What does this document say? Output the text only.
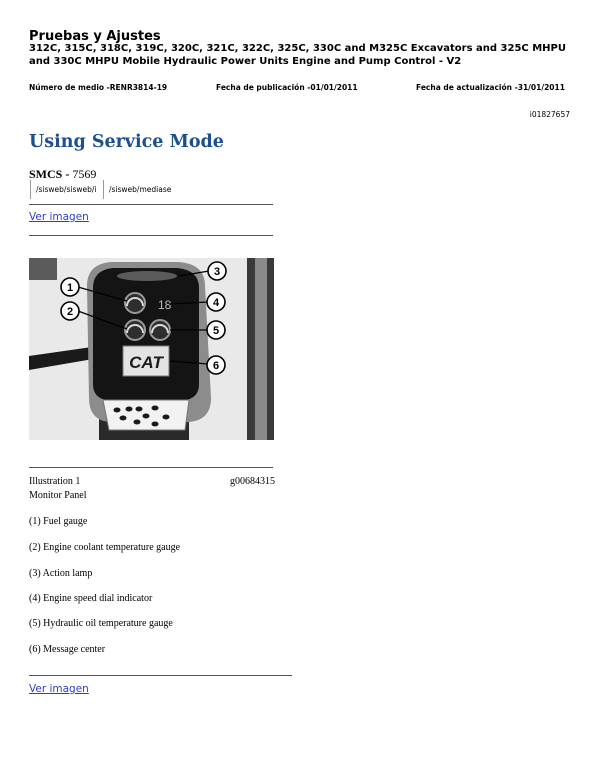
Pruebas y Ajustes
312C, 315C, 318C, 319C, 320C, 321C, 322C, 325C, 330C and M325C Excavators and 325C MHPU and 330C MHPU Mobile Hydraulic Power Units Engine and Pump Control - V2
Número de medio -RENR3814-19	Fecha de publicación -01/01/2011	Fecha de actualización -31/01/2011
i01827657
Using Service Mode
SMCS - 7569
/sisweb/sisweb/i	/sisweb/mediase
Ver imagen
18
CAT
1
2
3
4
5
6
Illustration 1	g00684315
Monitor Panel
(1) Fuel gauge
(2) Engine coolant temperature gauge
(3) Action lamp
(4) Engine speed dial indicator
(5) Hydraulic oil temperature gauge
(6) Message center
Ver imagen
